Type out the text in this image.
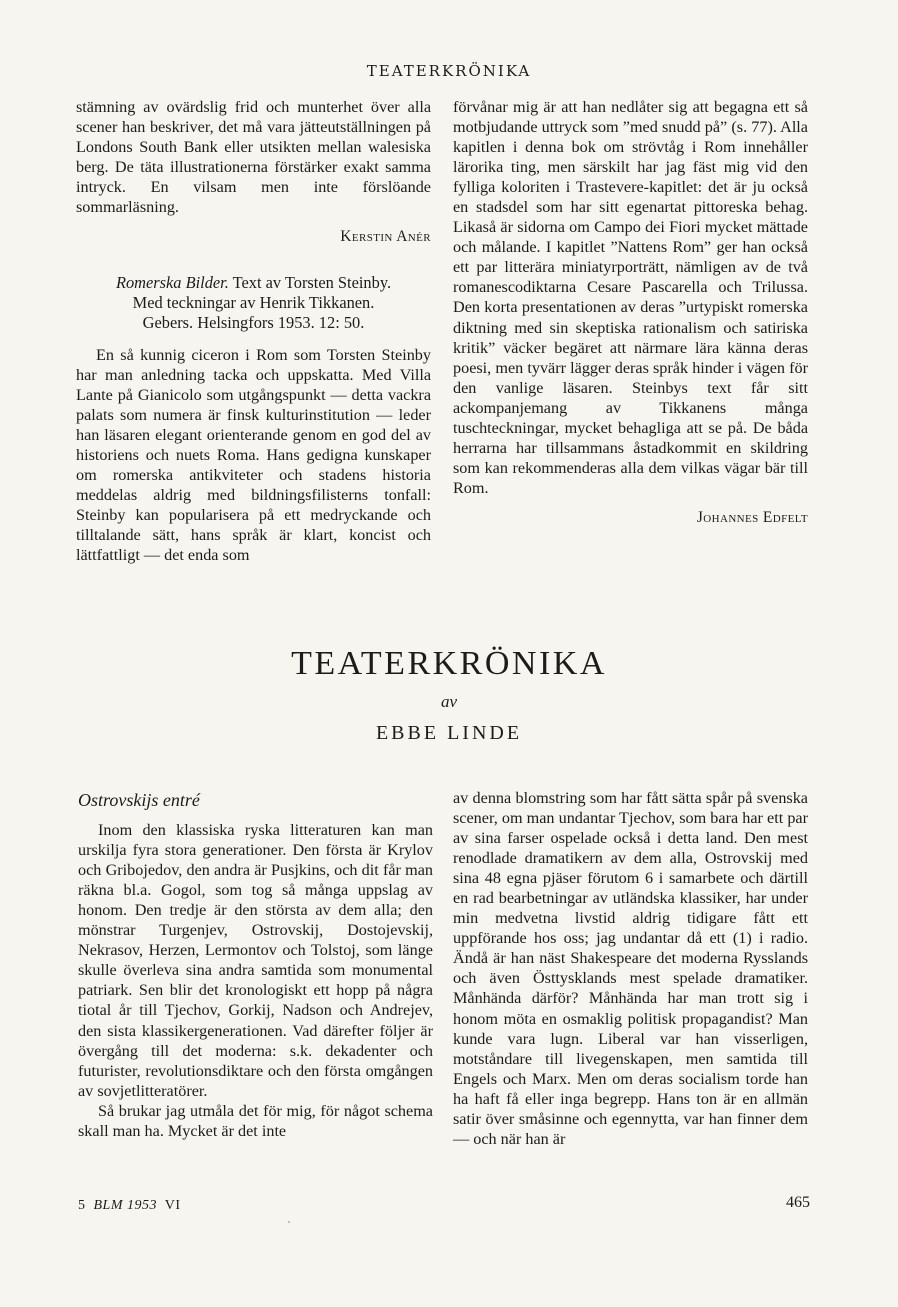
TEATERKRÖNIKA

stämning av ovärdslig frid och munterhet över alla scener han beskriver, det må vara jätteutställningen på Londons South Bank eller utsikten mellan walesiska berg. De täta illustrationerna förstärker exakt samma intryck. En vilsam men inte förslöande sommarläsning.

Kerstin Anér
Romerska Bilder. Text av Torsten Steinby.
Med teckningar av Henrik Tikkanen.
Gebers. Helsingfors 1953. 12: 50.

En så kunnig ciceron i Rom som Torsten Steinby har man anledning tacka och uppskatta. Med Villa Lante på Gianicolo som utgångspunkt — detta vackra palats som numera är finsk kulturinstitution — leder han läsaren elegant orienterande genom en god del av historiens och nuets Roma. Hans gedigna kunskaper om romerska antikviteter och stadens historia meddelas aldrig med bildningsfilisterns tonfall: Steinby kan popularisera på ett medryckande och tilltalande sätt, hans språk är klart, koncist och lättfattligt — det enda som

förvånar mig är att han nedlåter sig att begagna ett så motbjudande uttryck som ”med snudd på” (s. 77). Alla kapitlen i denna bok om strövtåg i Rom innehåller lärorika ting, men särskilt har jag fäst mig vid den fylliga koloriten i Trastevere-kapitlet: det är ju också en stadsdel som har sitt egenartat pittoreska behag. Likaså är sidorna om Campo dei Fiori mycket mättade och målande. I kapitlet ”Nattens Rom” ger han också ett par litterära miniatyrporträtt, nämligen av de två romanescodiktarna Cesare Pascarella och Trilussa. Den korta presentationen av deras ”urtypiskt romerska diktning med sin skeptiska rationalism och satiriska kritik” väcker begäret att närmare lära känna deras poesi, men tyvärr lägger deras språk hinder i vägen för den vanlige läsaren. Steinbys text får sitt ackompanjemang av Tikkanens många tuschteckningar, mycket behagliga att se på. De båda herrarna har tillsammans åstadkommit en skildring som kan rekommenderas alla dem vilkas vägar bär till Rom.

Johannes Edfelt
TEATERKRÖNIKA
av
EBBE LINDE
Ostrovskijs entré

Inom den klassiska ryska litteraturen kan man urskilja fyra stora generationer. Den första är Krylov och Gribojedov, den andra är Pusjkins, och dit får man räkna bl.a. Gogol, som tog så många uppslag av honom. Den tredje är den största av dem alla; den mönstrar Turgenjev, Ostrovskij, Dostojevskij, Nekrasov, Herzen, Lermontov och Tolstoj, som länge skulle överleva sina andra samtida som monumental patriark. Sen blir det kronologiskt ett hopp på några tiotal år till Tjechov, Gorkij, Nadson och Andrejev, den sista klassikergenerationen. Vad därefter följer är övergång till det moderna: s.k. dekadenter och futurister, revolutionsdiktare och den första omgången av sovjetlitteratörer.

Så brukar jag utmåla det för mig, för något schema skall man ha. Mycket är det inte

av denna blomstring som har fått sätta spår på svenska scener, om man undantar Tjechov, som bara har ett par av sina farser ospelade också i detta land. Den mest renodlade dramatikern av dem alla, Ostrovskij med sina 48 egna pjäser förutom 6 i samarbete och därtill en rad bearbetningar av utländska klassiker, har under min medvetna livstid aldrig tidigare fått ett uppförande hos oss; jag undantar då ett (1) i radio. Ändå är han näst Shakespeare det moderna Rysslands och även Östtysklands mest spelade dramatiker. Månhända därför? Månhända har man trott sig i honom möta en osmaklig politisk propagandist? Man kunde vara lugn. Liberal var han visserligen, motståndare till livegenskapen, men samtida till Engels och Marx. Men om deras socialism torde han ha haft få eller inga begrepp. Hans ton är en allmän satir över småsinne och egennytta, var han finner dem — och när han är

5 BLM 1953 VI	465
